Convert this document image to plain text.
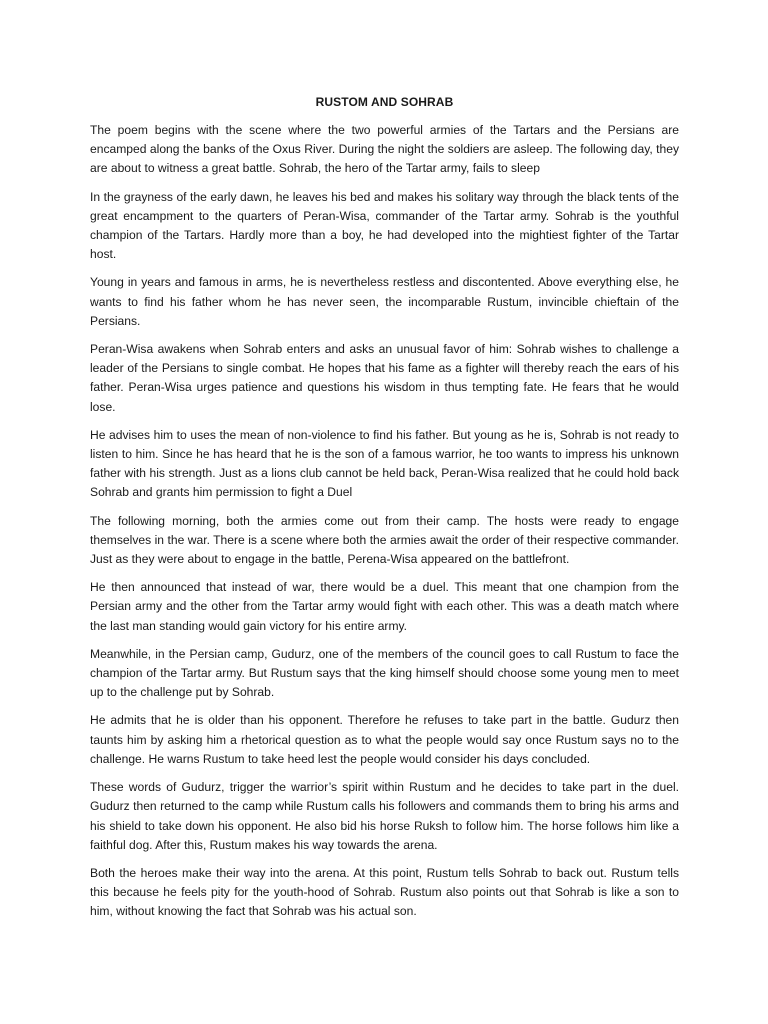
RUSTOM AND SOHRAB

The poem begins with the scene where the two powerful armies of the Tartars and the Persians are encamped along the banks of the Oxus River. During the night the soldiers are asleep. The following day, they are about to witness a great battle. Sohrab, the hero of the Tartar army, fails to sleep

In the grayness of the early dawn, he leaves his bed and makes his solitary way through the black tents of the great encampment to the quarters of Peran-Wisa, commander of the Tartar army. Sohrab is the youthful champion of the Tartars. Hardly more than a boy, he had developed into the mightiest fighter of the Tartar host.

Young in years and famous in arms, he is nevertheless restless and discontented. Above everything else, he wants to find his father whom he has never seen, the incomparable Rustum, invincible chieftain of the Persians.

Peran-Wisa awakens when Sohrab enters and asks an unusual favor of him: Sohrab wishes to challenge a leader of the Persians to single combat. He hopes that his fame as a fighter will thereby reach the ears of his father. Peran-Wisa urges patience and questions his wisdom in thus tempting fate. He fears that he would lose.

He advises him to uses the mean of non-violence to find his father. But young as he is, Sohrab is not ready to listen to him. Since he has heard that he is the son of a famous warrior, he too wants to impress his unknown father with his strength. Just as a lions club cannot be held back, Peran-Wisa realized that he could hold back Sohrab and grants him permission to fight a Duel

The following morning, both the armies come out from their camp. The hosts were ready to engage themselves in the war. There is a scene where both the armies await the order of their respective commander. Just as they were about to engage in the battle, Perena-Wisa appeared on the battlefront.

He then announced that instead of war, there would be a duel. This meant that one champion from the Persian army and the other from the Tartar army would fight with each other. This was a death match where the last man standing would gain victory for his entire army.

Meanwhile, in the Persian camp, Gudurz, one of the members of the council goes to call Rustum to face the champion of the Tartar army. But Rustum says that the king himself should choose some young men to meet up to the challenge put by Sohrab.

He admits that he is older than his opponent. Therefore he refuses to take part in the battle. Gudurz then taunts him by asking him a rhetorical question as to what the people would say once Rustum says no to the challenge. He warns Rustum to take heed lest the people would consider his days concluded.

These words of Gudurz, trigger the warrior’s spirit within Rustum and he decides to take part in the duel. Gudurz then returned to the camp while Rustum calls his followers and commands them to bring his arms and his shield to take down his opponent. He also bid his horse Ruksh to follow him. The horse follows him like a faithful dog. After this, Rustum makes his way towards the arena.

Both the heroes make their way into the arena. At this point, Rustum tells Sohrab to back out. Rustum tells this because he feels pity for the youth-hood of Sohrab. Rustum also points out that Sohrab is like a son to him, without knowing the fact that Sohrab was his actual son.
